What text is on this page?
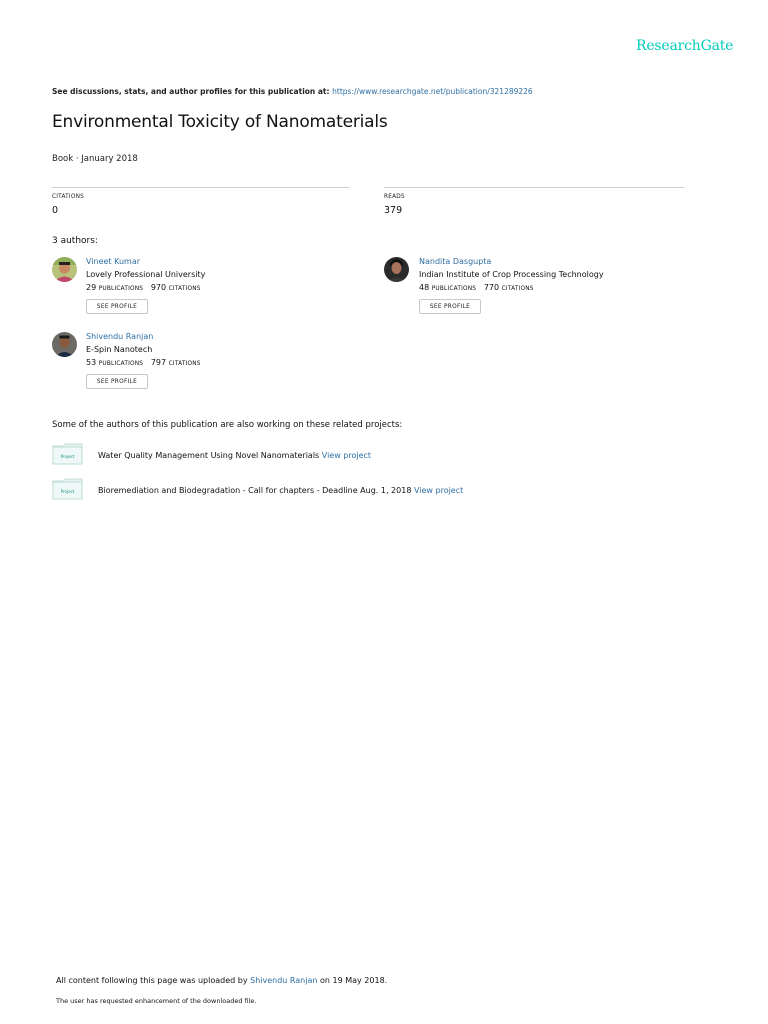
ResearchGate
See discussions, stats, and author profiles for this publication at: https://www.researchgate.net/publication/321289226
Environmental Toxicity of Nanomaterials
Book · January 2018
CITATIONS
0
READS
379
3 authors:
Vineet Kumar
Lovely Professional University
29 PUBLICATIONS 970 CITATIONS
SEE PROFILE
Nandita Dasgupta
Indian Institute of Crop Processing Technology
48 PUBLICATIONS 770 CITATIONS
SEE PROFILE
Shivendu Ranjan
E-Spin Nanotech
53 PUBLICATIONS 797 CITATIONS
SEE PROFILE
Some of the authors of this publication are also working on these related projects:
Project	Water Quality Management Using Novel Nanomaterials View project
Project	Bioremediation and Biodegradation - Call for chapters - Deadline Aug. 1, 2018 View project
All content following this page was uploaded by Shivendu Ranjan on 19 May 2018.
The user has requested enhancement of the downloaded file.
